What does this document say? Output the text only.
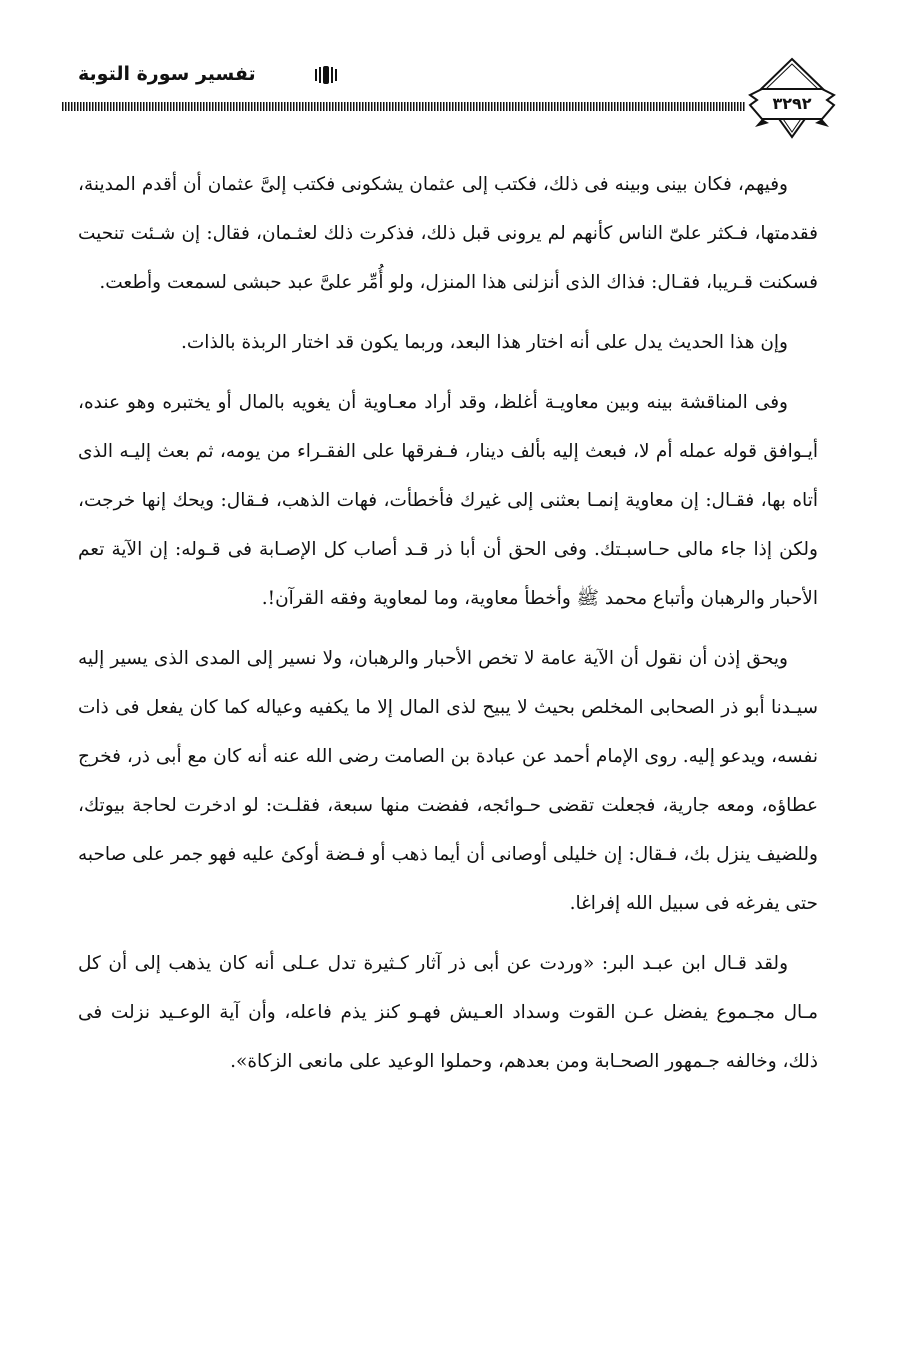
تفسير سورة التوبة
٣٢٩٢

وفيهم، فكان بينى وبينه فى ذلك، فكتب إلى عثمان يشكونى فكتب إلىَّ عثمان أن أقدم المدينة، فقدمتها، فـكثر علىّ الناس كأنهم لم يرونى قبل ذلك، فذكرت ذلك لعثـمان، فقال: إن شـئت تنحيت فسكنت قـريبا، فقـال: فذاك الذى أنزلنى هذا المنزل، ولو أُمِّر علىَّ عبد حبشى لسمعت وأطعت.

وإن هذا الحديث يدل على أنه اختار هذا البعد، وربما يكون قد اختار الربذة بالذات.

وفى المناقشة بينه وبين معاويـة أغلظ، وقد أراد معـاوية أن يغويه بالمال أو يختبره وهو عنده، أيـوافق قوله عمله أم لا، فبعث إليه بألف دينار، فـفرقها على الفقـراء من يومه، ثم بعث إليـه الذى أتاه بها، فقـال: إن معاوية إنمـا بعثنى إلى غيرك فأخطأت، فهات الذهب، فـقال: ويحك إنها خرجت، ولكن إذا جاء مالى حـاسبـتك. وفى الحق أن أبا ذر قـد أصاب كل الإصـابة فى قـوله: إن الآية تعم الأحبار والرهبان وأتباع محمد ﷺ وأخطأ معاوية، وما لمعاوية وفقه القرآن!.

ويحق إذن أن نقول أن الآية عامة لا تخص الأحبار والرهبان، ولا نسير إلى المدى الذى يسير إليه سيـدنا أبو ذر الصحابى المخلص بحيث لا يبيح لذى المال إلا ما يكفيه وعياله كما كان يفعل فى ذات نفسه، ويدعو إليه. روى الإمام أحمد عن عبادة بن الصامت رضى الله عنه أنه كان مع أبى ذر، فخرج عطاؤه، ومعه جارية، فجعلت تقضى حـوائجه، ففضت منها سبعة، فقلـت: لو ادخرت لحاجة بيوتك، وللضيف ينزل بك، فـقال: إن خليلى أوصانى أن أيما ذهب أو فـضة أوكئ عليه فهو جمر على صاحبه حتى يفرغه فى سبيل الله إفراغا.

ولقد قـال ابن عبـد البر: «وردت عن أبى ذر آثار كـثيرة تدل عـلى أنه كان يذهب إلى أن كل مـال مجـموع يفضل عـن القوت وسداد العـيش فهـو كنز يذم فاعله، وأن آية الوعـيد نزلت فى ذلك، وخالفه جـمهور الصحـابة ومن بعدهم، وحملوا الوعيد على مانعى الزكاة».
